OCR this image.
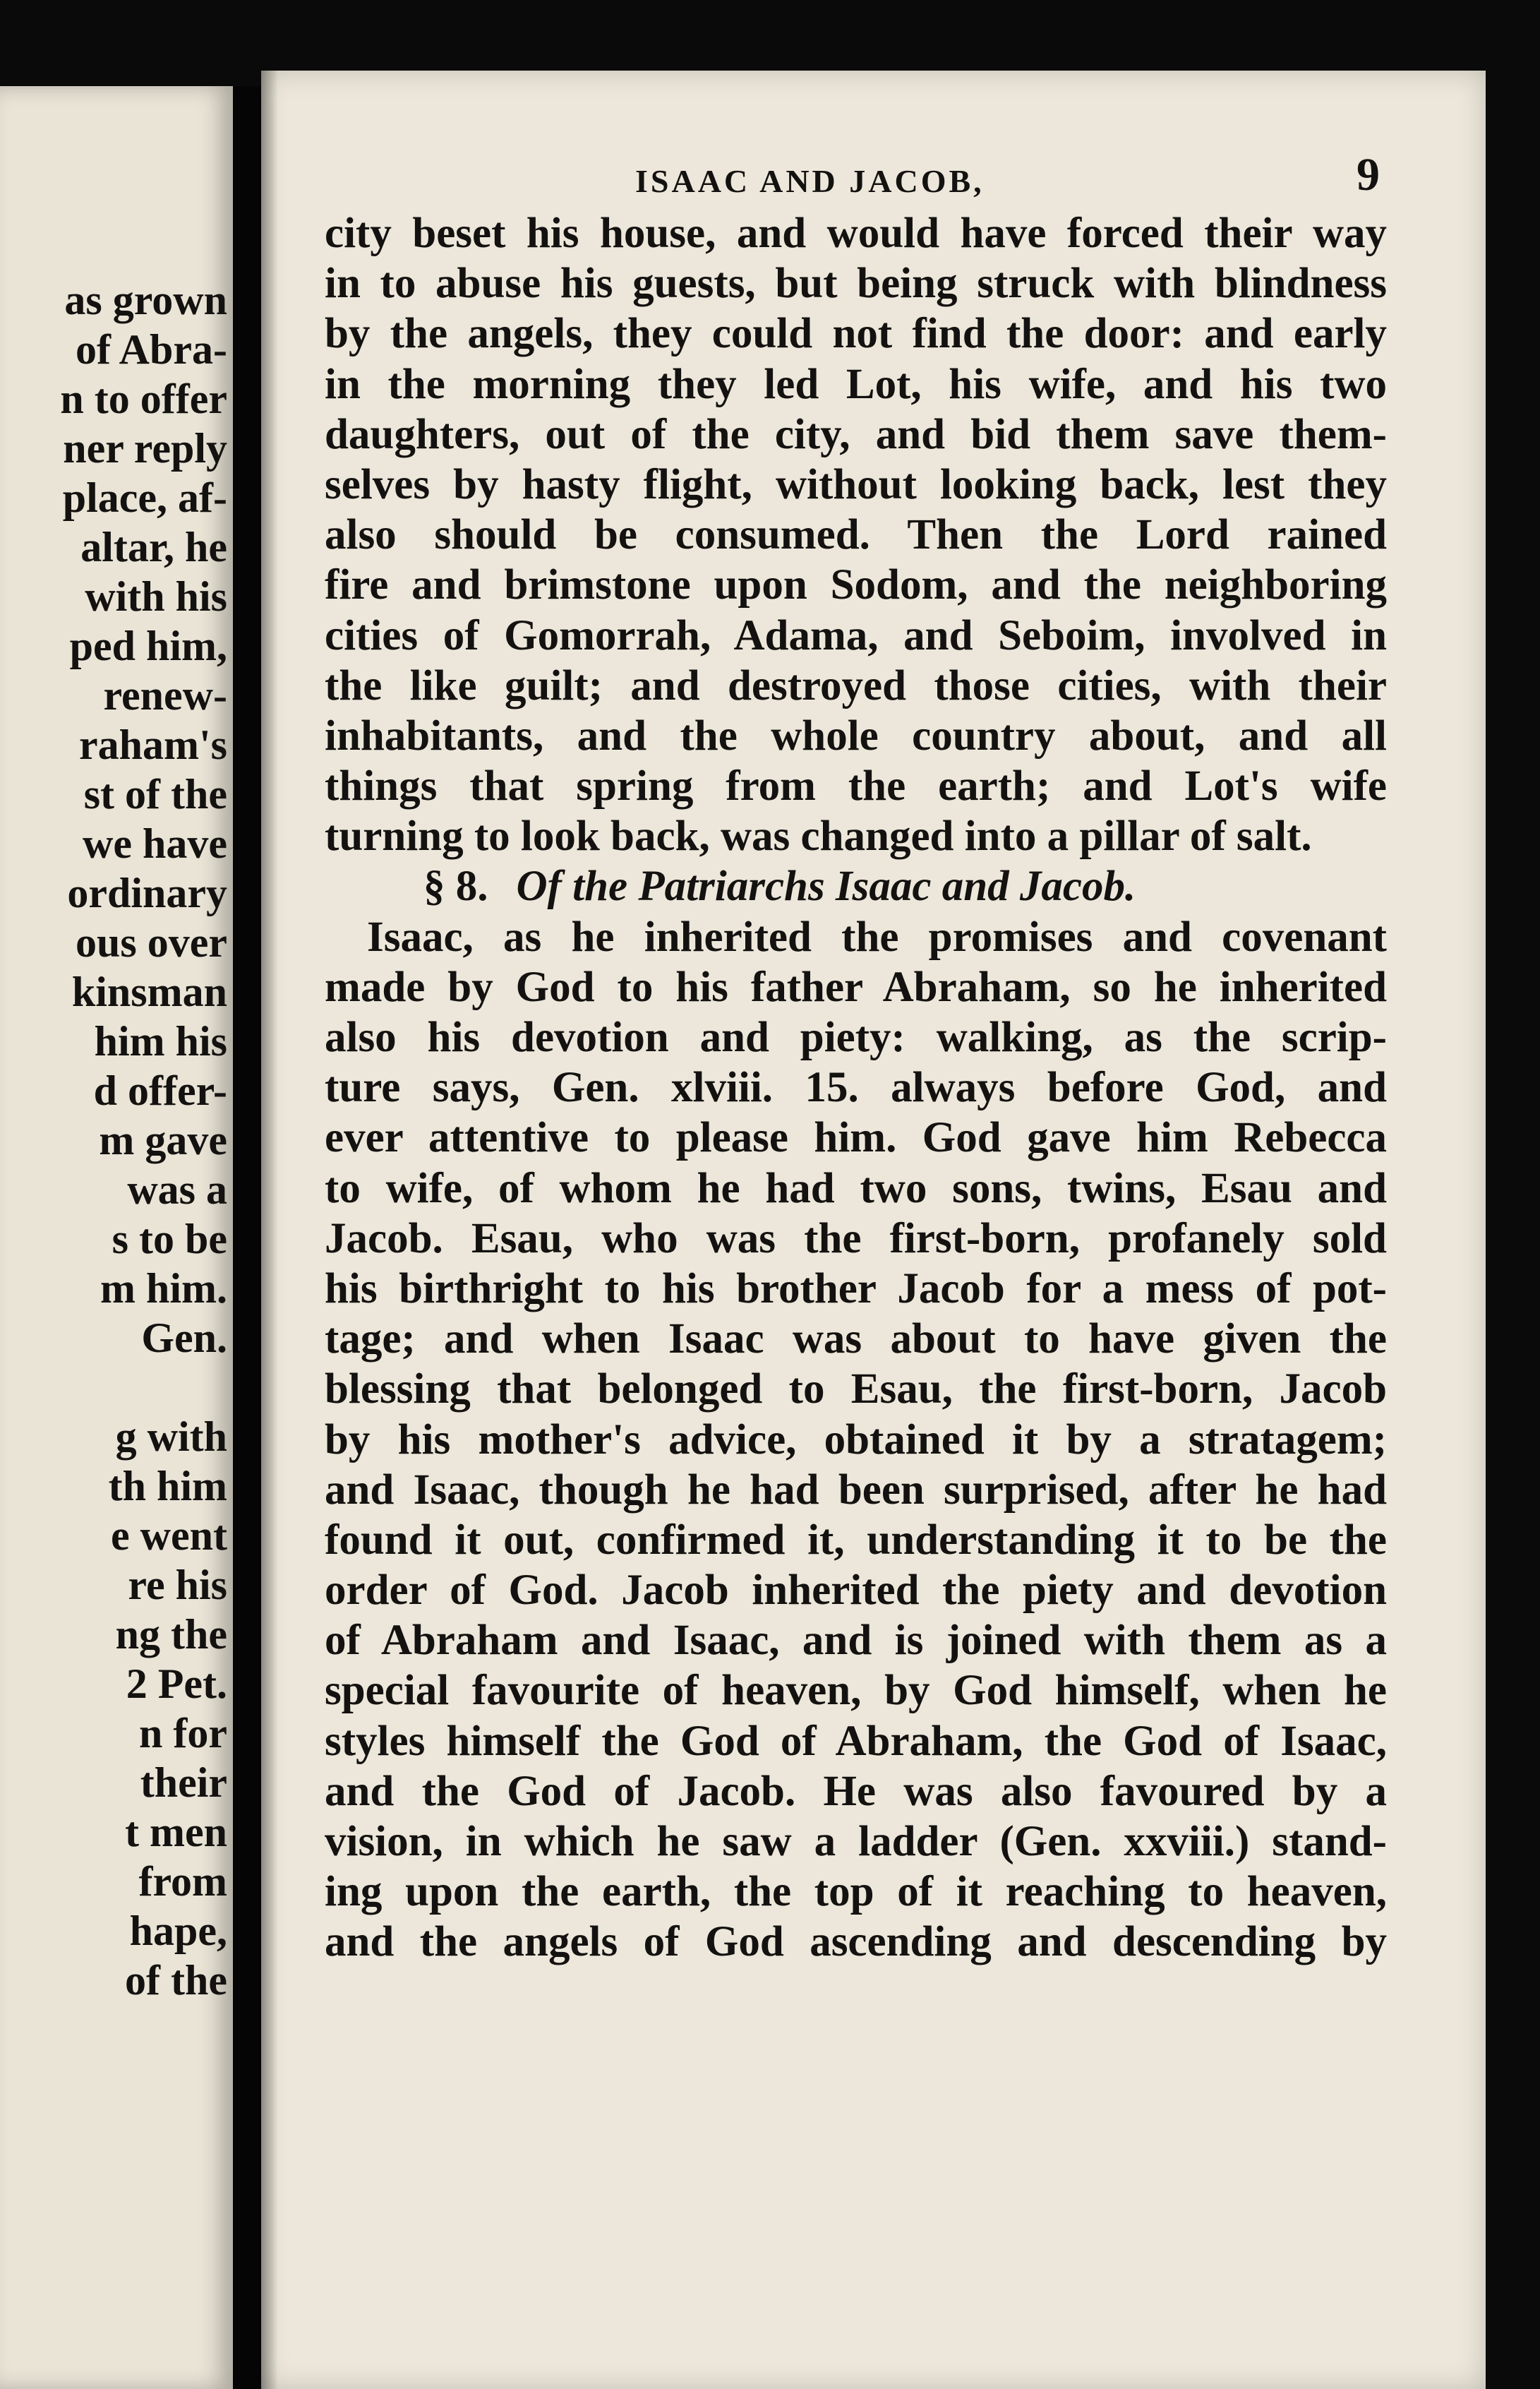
as grown
of Abra-
n to offer
ner reply
place, af-
altar, he
with his
ped him,
renew-
raham's
st of the
we have
ordinary
ous over
kinsman
him his
d offer-
m gave
was a
s to be
m him.
Gen.
g with
th him
e went
re his
ng the
2 Pet.
n for
their
t men
from
hape,
of the
ISAAC AND JACOB,	9
city beset his house, and would have forced their way
in to abuse his guests, but being struck with blindness
by the angels, they could not find the door: and early
in the morning they led Lot, his wife, and his two
daughters, out of the city, and bid them save them-
selves by hasty flight, without looking back, lest they
also should be consumed. Then the Lord rained
fire and brimstone upon Sodom, and the neighboring
cities of Gomorrah, Adama, and Seboim, involved in
the like guilt; and destroyed those cities, with their
inhabitants, and the whole country about, and all
things that spring from the earth; and Lot's wife
turning to look back, was changed into a pillar of salt.
§ 8. Of the Patriarchs Isaac and Jacob.
Isaac, as he inherited the promises and covenant
made by God to his father Abraham, so he inherited
also his devotion and piety: walking, as the scrip-
ture says, Gen. xlviii. 15. always before God, and
ever attentive to please him. God gave him Rebecca
to wife, of whom he had two sons, twins, Esau and
Jacob. Esau, who was the first-born, profanely sold
his birthright to his brother Jacob for a mess of pot-
tage; and when Isaac was about to have given the
blessing that belonged to Esau, the first-born, Jacob
by his mother's advice, obtained it by a stratagem;
and Isaac, though he had been surprised, after he had
found it out, confirmed it, understanding it to be the
order of God. Jacob inherited the piety and devotion
of Abraham and Isaac, and is joined with them as a
special favourite of heaven, by God himself, when he
styles himself the God of Abraham, the God of Isaac,
and the God of Jacob. He was also favoured by a
vision, in which he saw a ladder (Gen. xxviii.) stand-
ing upon the earth, the top of it reaching to heaven,
and the angels of God ascending and descending by
